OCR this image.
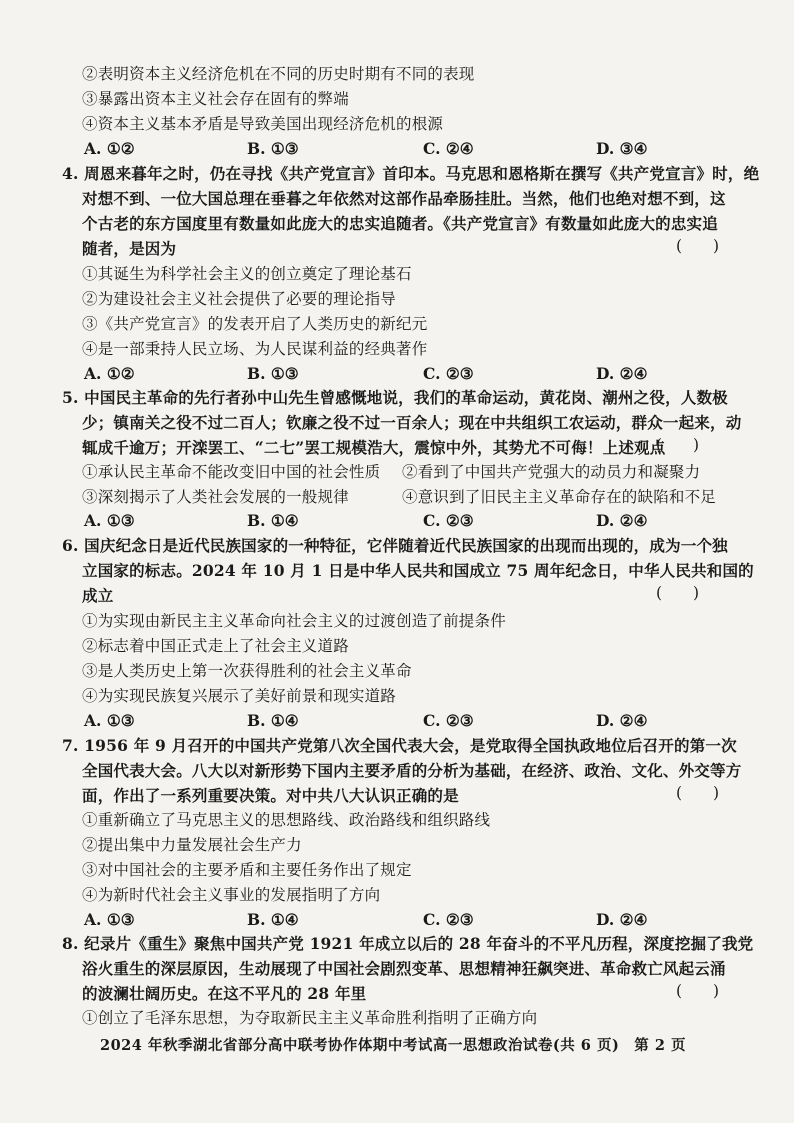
②表明资本主义经济危机在不同的历史时期有不同的表现
③暴露出资本主义社会存在固有的弊端
④资本主义基本矛盾是导致美国出现经济危机的根源
A. ①②	B. ①③	C. ②④	D. ③④
4. 周恩来暮年之时，仍在寻找《共产党宣言》首印本。马克思和恩格斯在撰写《共产党宣言》时，绝
对想不到、一位大国总理在垂暮之年依然对这部作品牵肠挂肚。当然，他们也绝对想不到，这
个古老的东方国度里有数量如此庞大的忠实追随者。《共产党宣言》有数量如此庞大的忠实追
随者，是因为	(　　)
①其诞生为科学社会主义的创立奠定了理论基石
②为建设社会主义社会提供了必要的理论指导
③《共产党宣言》的发表开启了人类历史的新纪元
④是一部秉持人民立场、为人民谋利益的经典著作
A. ①②	B. ①③	C. ②③	D. ②④
5. 中国民主革命的先行者孙中山先生曾感慨地说，我们的革命运动，黄花岗、潮州之役，人数极
少；镇南关之役不过二百人；钦廉之役不过一百余人；现在中共组织工农运动，群众一起来，动
辄成千逾万；开滦罢工、“二七”罢工规模浩大，震惊中外，其势尤不可侮！上述观点
(　　)
①承认民主革命不能改变旧中国的社会性质 ②看到了中国共产党强大的动员力和凝聚力
③深刻揭示了人类社会发展的一般规律	④意识到了旧民主主义革命存在的缺陷和不足
A. ①③	B. ①④	C. ②③	D. ②④
6. 国庆纪念日是近代民族国家的一种特征，它伴随着近代民族国家的出现而出现的，成为一个独
立国家的标志。2024 年 10 月 1 日是中华人民共和国成立 75 周年纪念日，中华人民共和国的
成立	(　　)
①为实现由新民主主义革命向社会主义的过渡创造了前提条件
②标志着中国正式走上了社会主义道路
③是人类历史上第一次获得胜利的社会主义革命
④为实现民族复兴展示了美好前景和现实道路
A. ①③	B. ①④	C. ②③	D. ②④
7. 1956 年 9 月召开的中国共产党第八次全国代表大会，是党取得全国执政地位后召开的第一次
全国代表大会。八大以对新形势下国内主要矛盾的分析为基础，在经济、政治、文化、外交等方
面，作出了一系列重要决策。对中共八大认识正确的是	(　　)
①重新确立了马克思主义的思想路线、政治路线和组织路线
②提出集中力量发展社会生产力
③对中国社会的主要矛盾和主要任务作出了规定
④为新时代社会主义事业的发展指明了方向
A. ①③	B. ①④	C. ②③	D. ②④
8. 纪录片《重生》聚焦中国共产党 1921 年成立以后的 28 年奋斗的不平凡历程，深度挖掘了我党
浴火重生的深层原因，生动展现了中国社会剧烈变革、思想精神狂飙突进、革命救亡风起云涌
的波澜壮阔历史。在这不平凡的 28 年里	(　　)
①创立了毛泽东思想，为夺取新民主主义革命胜利指明了正确方向
2024 年秋季湖北省部分高中联考协作体期中考试高一思想政治试卷(共 6 页)　第 2 页
